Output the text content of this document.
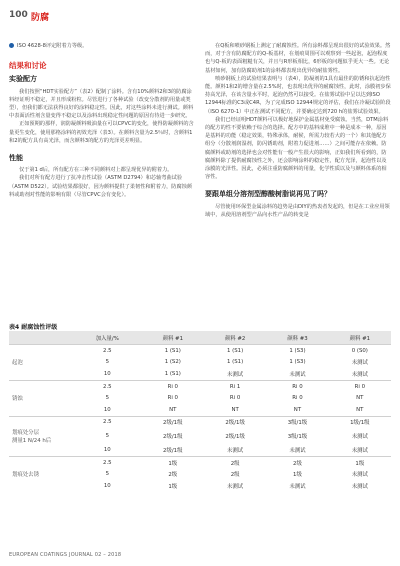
100 防腐

ISO 4628-8评定附着力等级。

结果和讨论
实验配方

我们按照“HDT实验配方”（表2）配制了涂料。含有10%颜料2和3的防腐涂料经证明不稳定，并且形成粉粒。尽管进行了各种试验（改变分散剂的用量或类型），但我们都无法获得良好的涂料稳定性。因此，对这些涂料未进行测试。颜料中表面活性剂含量变得不稳定以及涂料出现稳定性问题的原因有待进一步研究。

正如预期的那样，润防凝颜料吸油量在可以CPVC的变化，使得防凝颜料的含量更生变化，使用那格涂料的初效光泽（表3）。在颜料含量为2.5％时，含颜料1和2的配方具有高光泽，而含颜料3的配方的光泽更差明显。

性能

仅于第1 d后，所有配方在三种不同颜料对上都呈现优异的附着力。

我们对所有配方进行了抗冲击性试验（ASTM D2794）和芯轴弯曲试验（ASTM D522）。试验结果都很好，因为颜料提供了柔韧性和附着力，防腐蚀颜料或助剂对性能的影响有限（尽管CPVC会有变化）。

在Q板和喷砂钢板上测定了耐腐蚀性。所有涂料都呈现出很好的试验效果。然而，对于含有防腐配方的Q-板基材，在划痕周围可以观察到一些起泡，起泡程度也与Q-板的表面粗糙有关，并且与R形板相比，6形板的问题似乎更大一些。无论基材如何，加有防腐助剂1的涂料都表现出优异的耐盐雾性。

喷砂钢板上的试验结果表明与（表4），防凝剂的1具有最佳的防锈和抗起泡性能。颜料1和2的增含量在2.5%时，也表现出优异的耐腐蚀性，此时，涂膜初步保持高光泽，在该含量水平时，起泡仍然可以接受。在盐雾试验中呈以达到ISO 12944标准的C3或C4R，为了完成ISO 12944规定的评估，我们在冷凝试验阶段（ISO 6270-1）中正在测试不同配方，并要确定达到720 h的盐雾试验效果。

我们已经证明HDT颜料可以极好地保护金属基材免受腐蚀。当然，DTM涂料的配方的性不要依赖于综合的选择。配方中的基料成堆中一种是成本一种，原因是基料的功能（稳定效果，特殊承体，耐候，所需力较若大的一个）和其他配方组分（分散剂润湿剂，防闪锈助剂，附着力促进剂……）之间可能存在依赖。防腐颜料或助剂的选择也会对性能有一般产生很大的影响，正如我们所看到的，防腐颜料除了提供耐腐蚀性之外，还会影响涂料的稳定性，配方光泽，起泡性以及涂膜的光泽性。因此，必须注重防腐颜料的用量，化学性质以及与颜料体系的相容性。

要跟单组分溶剂型醇酸树脂说再见了吗？

尽管使用环保型金属涂料的趋势是由DIY的热衷者发起的，但是在工业应用领域中，从使用溶剂型产品向水性产品的转变是

表4 耐腐蚀性评级
	加入量/%	颜料 #1	颜料 #2	颜料 #3	颜料 #1
	2.5	1 (S1)	1 (S1)	1 (S3)	0 (S0)
起泡	5	1 (S2)	1 (S1)	1 (S3)	未测试
	10	1 (S1)	未测试	未测试	未测试
	2.5	Ri 0	Ri 1	Ri 0	Ri 0
锈蚀	5	Ri 0	Ri 0	Ri 0	NT
	10	NT	NT	NT	NT
	2.5	2级/1级	2级/1级	3级/1级	1级/1级
划痕处分层
测量1 N/24 h后	5	2级/1级	2级/1级	3级/1级	未测试
	10	2级/1级	未测试	未测试	未测试
	2.5	1级	2级	2级	1级
划痕处去锈	5	2级	2级	1级	未测试
	10	1级	未测试	未测试	未测试
EUROPEAN COATINGS JOURNAL 02 – 2018
